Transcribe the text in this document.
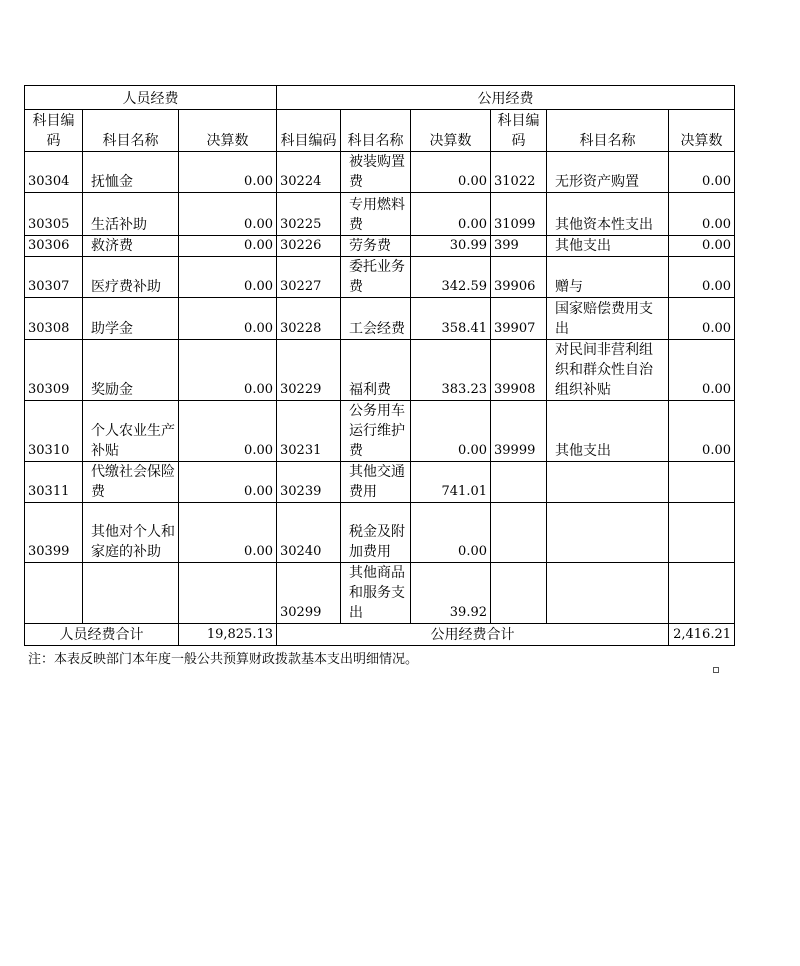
人员经费			公用经费					
科目编码	科目名称	决算数	科目编码	科目名称	决算数	科目编码	科目名称	决算数
30304	抚恤金	0.00	30224	被装购置费	0.00	31022	无形资产购置	0.00
30305	生活补助	0.00	30225	专用燃料费	0.00	31099	其他资本性支出	0.00
30306	救济费	0.00	30226	劳务费	30.99	399	其他支出	0.00
30307	医疗费补助	0.00	30227	委托业务费	342.59	39906	赠与	0.00
30308	助学金	0.00	30228	工会经费	358.41	39907	国家赔偿费用支出	0.00
30309	奖励金	0.00	30229	福利费	383.23	39908	对民间非营利组织和群众性自治组织补贴	0.00
30310	个人农业生产补贴	0.00	30231	公务用车运行维护费	0.00	39999	其他支出	0.00
30311	代缴社会保险费	0.00	30239	其他交通费用	741.01			
30399	其他对个人和家庭的补助	0.00	30240	税金及附加费用	0.00			
			30299	其他商品和服务支出	39.92			
人员经费合计		19,825.13	公用经费合计					2,416.21
注：本表反映部门本年度一般公共预算财政拨款基本支出明细情况。
